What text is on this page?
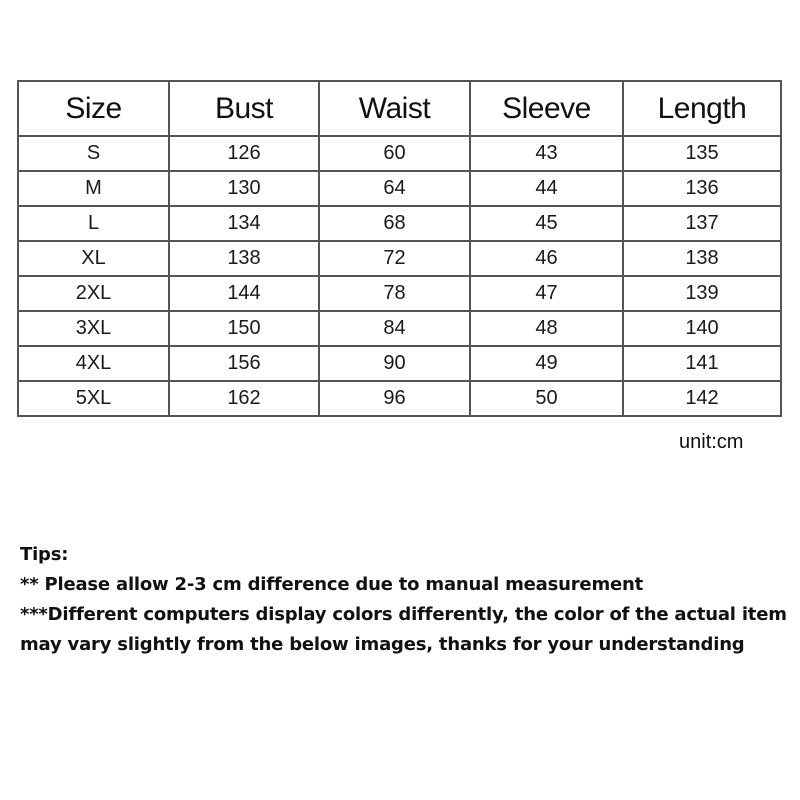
Size	Bust	Waist	Sleeve	Length
S	126	60	43	135
M	130	64	44	136
L	134	68	45	137
XL	138	72	46	138
2XL	144	78	47	139
3XL	150	84	48	140
4XL	156	90	49	141
5XL	162	96	50	142
unit:cm
Tips:
** Please allow 2-3 cm difference due to manual measurement
***Different computers display colors differently, the color of the actual item
may vary slightly from the below images, thanks for your understanding
